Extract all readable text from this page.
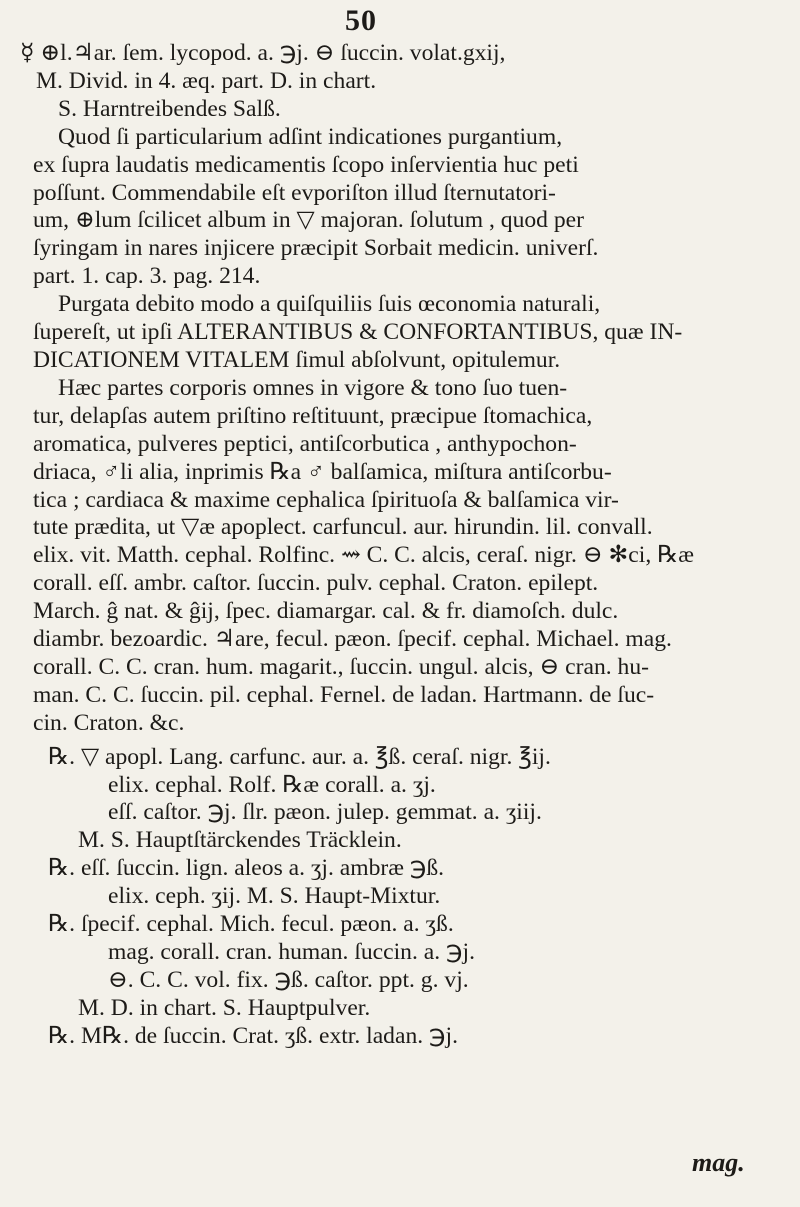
50

☿ ⊕l.♃ar. ſem. lycopod. a. ℈j. ⊖ ſuccin. volat.gxij,

M. Divid. in 4. æq. part. D. in chart.

S. Harntreibendes Salß.

Quod ſi particularium adſint indicationes purgantium,

ex ſupra laudatis medicamentis ſcopo inſervientia huc peti

poſſunt. Commendabile eſt evporiſton illud ſternutatori-

um, ⊕lum ſcilicet album in ▽ majoran. ſolutum , quod per

ſyringam in nares injicere præcipit Sorbait medicin. univerſ.

part. 1. cap. 3. pag. 214.

Purgata debito modo a quiſquiliis ſuis œconomia naturali,

ſupereſt, ut ipſi ALTERANTIBUS & CONFORTANTIBUS, quæ IN-

DICATIONEM VITALEM ſimul abſolvunt, opitulemur.

Hæc partes corporis omnes in vigore & tono ſuo tuen-

tur, delapſas autem priſtino reſtituunt, præcipue ſtomachica,

aromatica, pulveres peptici, antiſcorbutica , anthypochon-

driaca, ♂li alia, inprimis ℞a ♂ balſamica, miſtura antiſcorbu-

tica ; cardiaca & maxime cephalica ſpirituoſa & balſamica vir-

tute prædita, ut ▽æ apoplect. carfuncul. aur. hirundin. lil. convall.

elix. vit. Matth. cephal. Rolfinc. ⇝ C. C. alcis, ceraſ. nigr. ⊖ ✻ci, ℞æ

corall. eſſ. ambr. caſtor. ſuccin. pulv. cephal. Craton. epilept.

March. ĝ nat. & ĝij, ſpec. diamargar. cal. & fr. diamoſch. dulc.

diambr. bezoardic. ♃are, fecul. pæon. ſpecif. cephal. Michael. mag.

corall. C. C. cran. hum. magarit., ſuccin. ungul. alcis, ⊖ cran. hu-

man. C. C. ſuccin. pil. cephal. Fernel. de ladan. Hartmann. de ſuc-

cin. Craton. &c.

℞. ▽ apopl. Lang. carfunc. aur. a. ℥ß. ceraſ. nigr. ℥ij.

elix. cephal. Rolf. ℞æ corall. a. ʒj.

eſſ. caſtor. ℈j. ſlr. pæon. julep. gemmat. a. ʒiij.

M. S. Hauptſtärckendes Träcklein.

℞. eſſ. ſuccin. lign. aleos a. ʒj. ambræ ℈ß.

elix. ceph. ʒij. M. S. Haupt-Mixtur.

℞. ſpecif. cephal. Mich. fecul. pæon. a. ʒß.

mag. corall. cran. human. ſuccin. a. ℈j.

⊖. C. C. vol. fix. ℈ß. caſtor. ppt. g. vj.

M. D. in chart. S. Hauptpulver.

℞. M℞. de ſuccin. Crat. ʒß. extr. ladan. ℈j.

mag.
